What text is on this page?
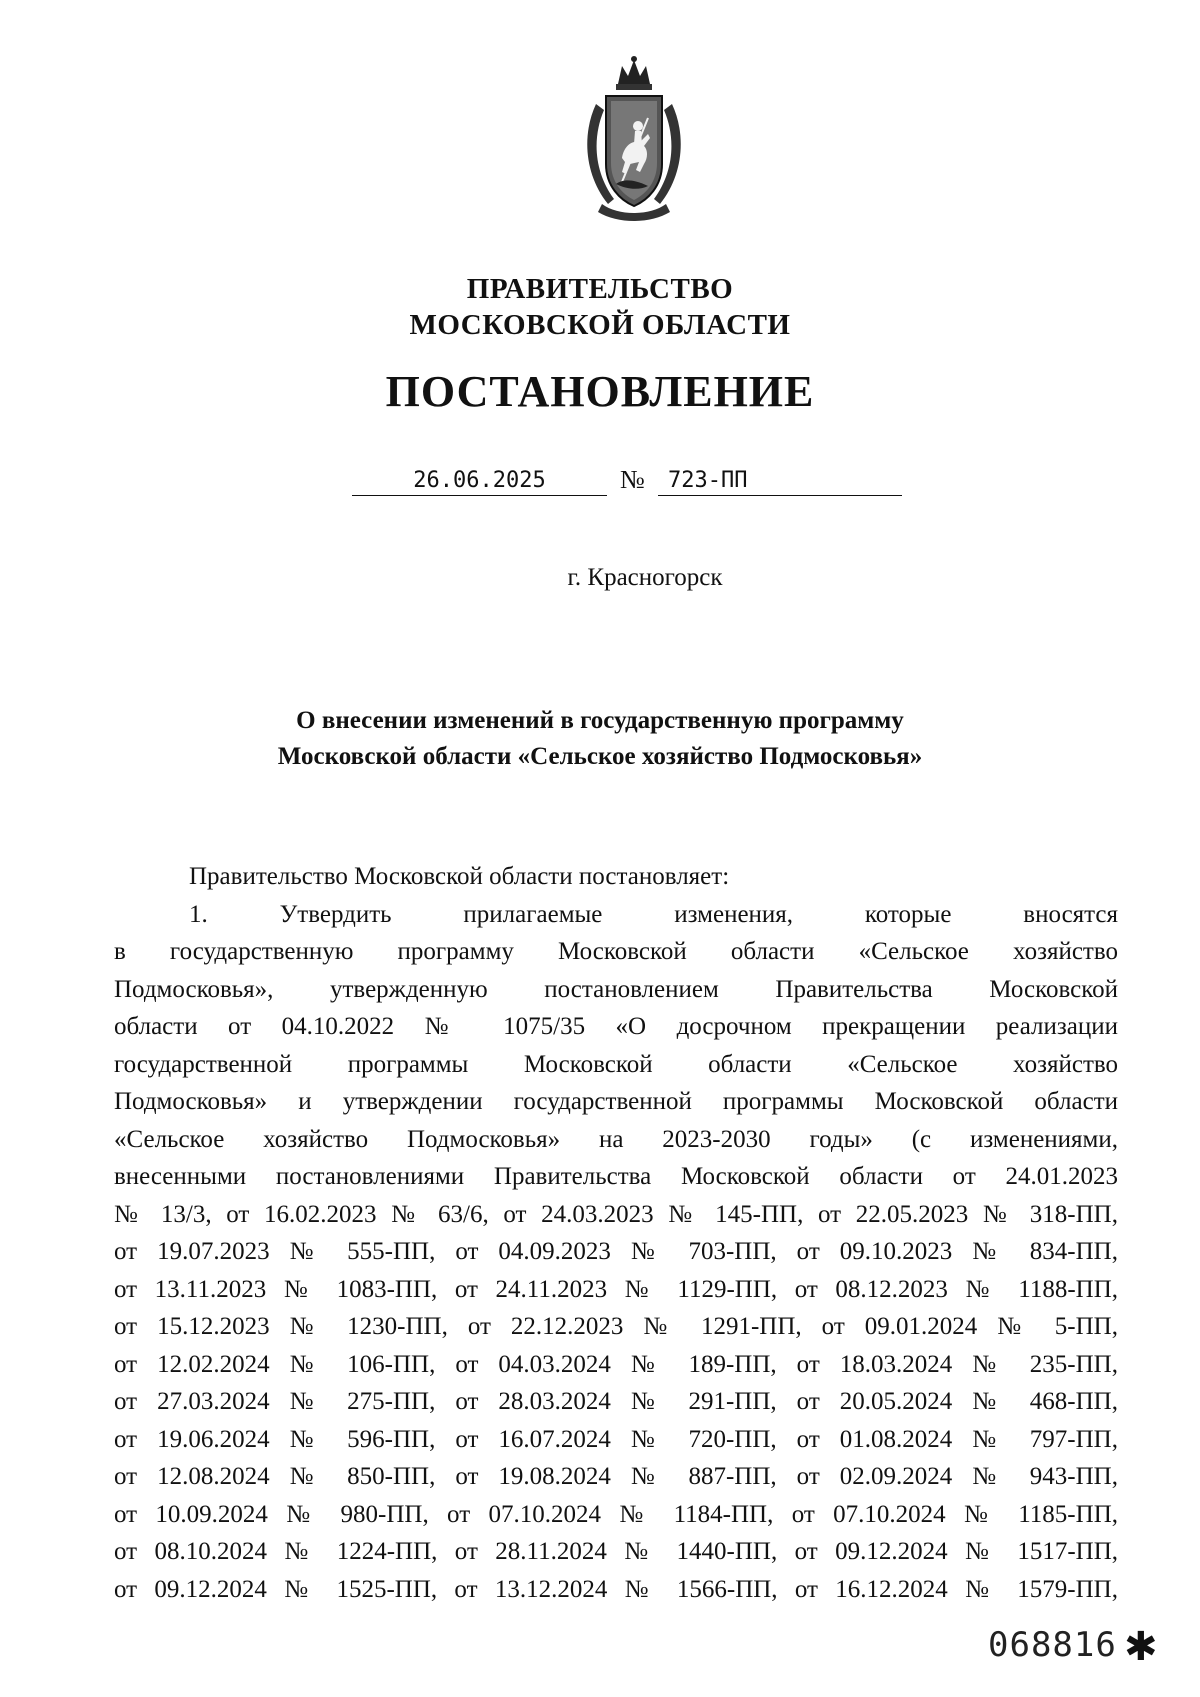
ПРАВИТЕЛЬСТВО
МОСКОВСКОЙ ОБЛАСТИ
ПОСТАНОВЛЕНИЕ
26.06.2025	№	723-ПП
г. Красногорск
О внесении изменений в государственную программу
Московской области «Сельское хозяйство Подмосковья»
Правительство Московской области постановляет:
1. Утвердить прилагаемые изменения, которые вносятся
в государственную программу Московской области «Сельское хозяйство
Подмосковья», утвержденную постановлением Правительства Московской
области от 04.10.2022 № 1075/35 «О досрочном прекращении реализации
государственной программы Московской области «Сельское хозяйство
Подмосковья» и утверждении государственной программы Московской области
«Сельское хозяйство Подмосковья» на 2023-2030 годы» (с изменениями,
внесенными постановлениями Правительства Московской области от 24.01.2023
№ 13/3, от 16.02.2023 № 63/6, от 24.03.2023 № 145-ПП, от 22.05.2023 № 318-ПП,
от 19.07.2023 № 555-ПП, от 04.09.2023 № 703-ПП, от 09.10.2023 № 834-ПП,
от 13.11.2023 № 1083-ПП, от 24.11.2023 № 1129-ПП, от 08.12.2023 № 1188-ПП,
от 15.12.2023 № 1230-ПП, от 22.12.2023 № 1291-ПП, от 09.01.2024 № 5-ПП,
от 12.02.2024 № 106-ПП, от 04.03.2024 № 189-ПП, от 18.03.2024 № 235-ПП,
от 27.03.2024 № 275-ПП, от 28.03.2024 № 291-ПП, от 20.05.2024 № 468-ПП,
от 19.06.2024 № 596-ПП, от 16.07.2024 № 720-ПП, от 01.08.2024 № 797-ПП,
от 12.08.2024 № 850-ПП, от 19.08.2024 № 887-ПП, от 02.09.2024 № 943-ПП,
от 10.09.2024 № 980-ПП, от 07.10.2024 № 1184-ПП, от 07.10.2024 № 1185-ПП,
от 08.10.2024 № 1224-ПП, от 28.11.2024 № 1440-ПП, от 09.12.2024 № 1517-ПП,
от 09.12.2024 № 1525-ПП, от 13.12.2024 № 1566-ПП, от 16.12.2024 № 1579-ПП,
068816 ✱
